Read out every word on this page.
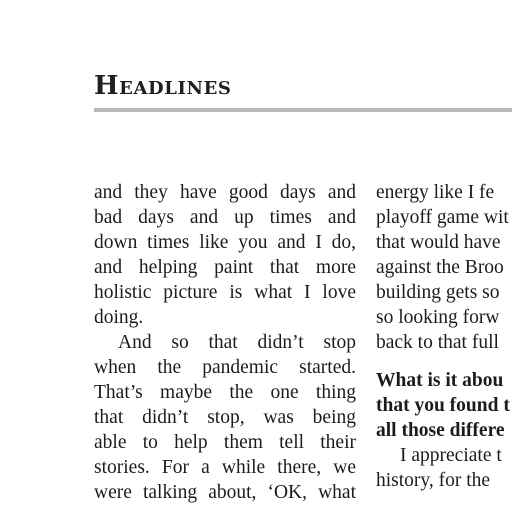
Headlines
and they have good days and
bad days and up times and
down times like you and I do,
and helping paint that more
holistic picture is what I love
doing.
And so that didn’t stop
when the pandemic started.
That’s maybe the one thing
that didn’t stop, was being
able to help them tell their
stories. For a while there, we
were talking about, ‘OK, what
energy like I fe
playoff game wit
that would have
against the Broo
building gets so
so looking forw
back to that full
What is it abou
that you found t
all those differe
I appreciate t
history, for the
